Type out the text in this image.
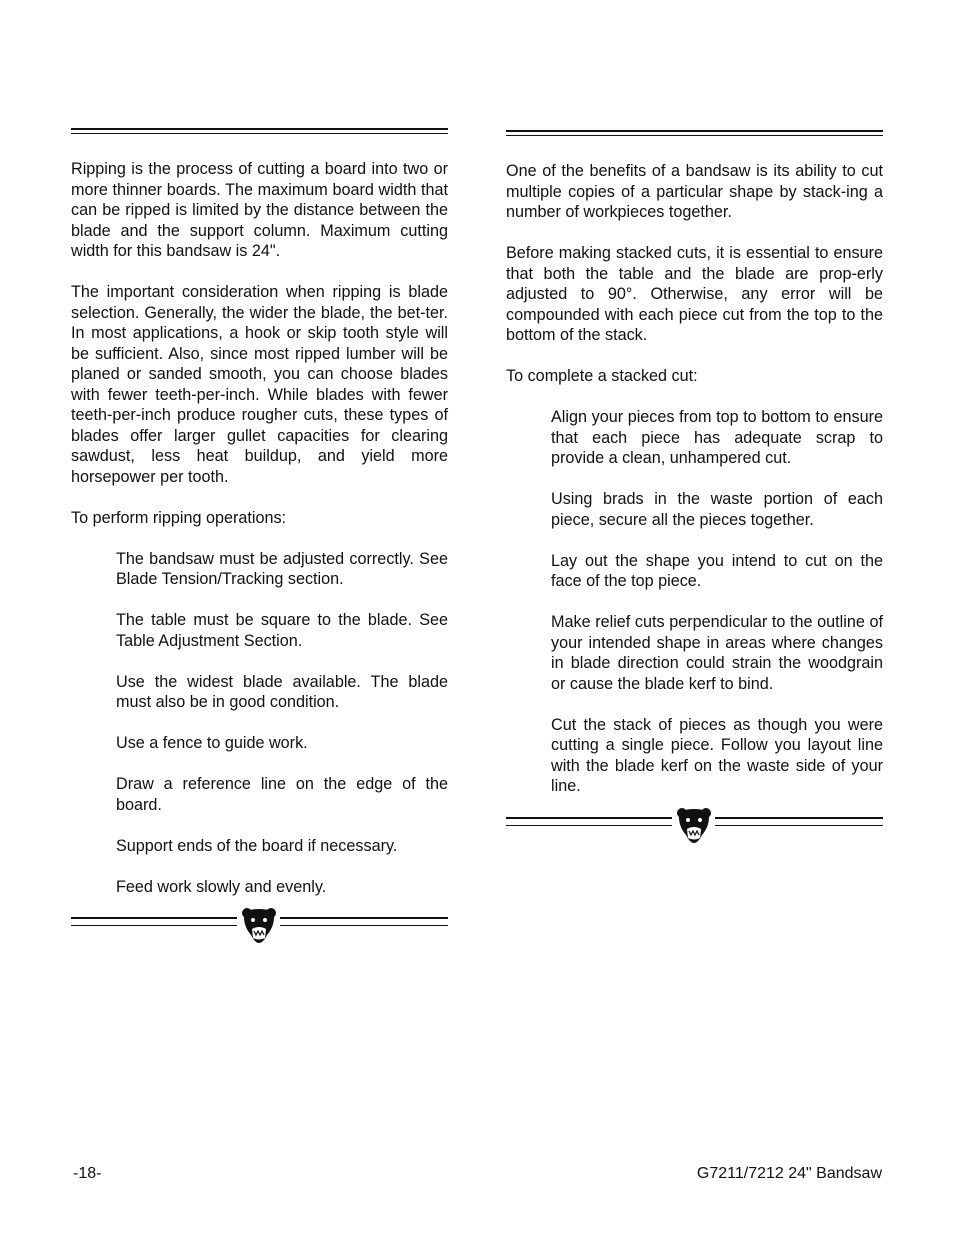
Ripping is the process of cutting a board into two or more thinner boards. The maximum board width that can be ripped is limited by the distance between the blade and the support column. Maximum cutting width for this bandsaw is 24".

The important consideration when ripping is blade selection. Generally, the wider the blade, the bet-ter. In most applications, a hook or skip tooth style will be sufficient. Also, since most ripped lumber will be planed or sanded smooth, you can choose blades with fewer teeth-per-inch. While blades with fewer teeth-per-inch produce rougher cuts, these types of blades offer larger gullet capacities for clearing sawdust, less heat buildup, and yield more horsepower per tooth.

To perform ripping operations:

The bandsaw must be adjusted correctly. See Blade Tension/Tracking section.

The table must be square to the blade. See Table Adjustment Section.

Use the widest blade available. The blade must also be in good condition.

Use a fence to guide work.

Draw a reference line on the edge of the board.

Support ends of the board if necessary.

Feed work slowly and evenly.

One of the benefits of a bandsaw is its ability to cut multiple copies of a particular shape by stack-ing a number of workpieces together.

Before making stacked cuts, it is essential to ensure that both the table and the blade are prop-erly adjusted to 90°. Otherwise, any error will be compounded with each piece cut from the top to the bottom of the stack.

To complete a stacked cut:

Align your pieces from top to bottom to ensure that each piece has adequate scrap to provide a clean, unhampered cut.

Using brads in the waste portion of each piece, secure all the pieces together.

Lay out the shape you intend to cut on the face of the top piece.

Make relief cuts perpendicular to the outline of your intended shape in areas where changes in blade direction could strain the woodgrain or cause the blade kerf to bind.

Cut the stack of pieces as though you were cutting a single piece. Follow you layout line with the blade kerf on the waste side of your line.

-18-	G7211/7212 24" Bandsaw
